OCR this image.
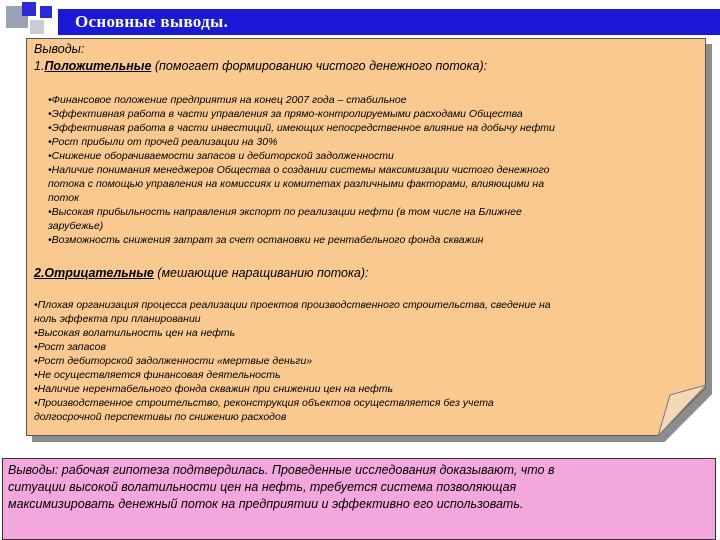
Основные выводы.
Выводы:
1.Положительные (помогает формированию чистого денежного потока):
•Финансовое положение предприятия на конец 2007 года – стабильное
•Эффективная работа в части управления за прямо-контролируемыми расходами Общества
•Эффективная работа в части инвестиций, имеющих непосредственное влияние на добычу нефти
•Рост прибыли от прочей реализации на 30%
•Снижение оборачиваемости запасов и дебиторской задолженности
•Наличие понимания менеджеров Общества о создании системы максимизации чистого денежного
потока с помощью управления на комиссиях и комитетах различными факторами, влияющими на
поток
•Высокая прибыльность направления экспорт по реализации нефти (в том числе на Ближнее
зарубежье)
•Возможность снижения затрат за счет остановки не рентабельного фонда скважин
2.Отрицательные (мешающие наращиванию потока):
•Плохая организация процесса реализации проектов производственного строительства, сведение на
ноль эффекта при планировании
•Высокая волатильность цен на нефть
•Рост запасов
•Рост дебиторской задолженности «мертвые деньги»
•Не осуществляется финансовая деятельность
•Наличие нерентабельного фонда скважин при снижении цен на нефть
•Производственное строительство, реконструкция объектов осуществляется без учета
долгосрочной перспективы по снижению расходов
Выводы: рабочая гипотеза подтвердилась. Проведенные исследования доказывают, что в
ситуации высокой волатильности цен на нефть, требуется система позволяющая
максимизировать денежный поток на предприятии и эффективно его использовать.
